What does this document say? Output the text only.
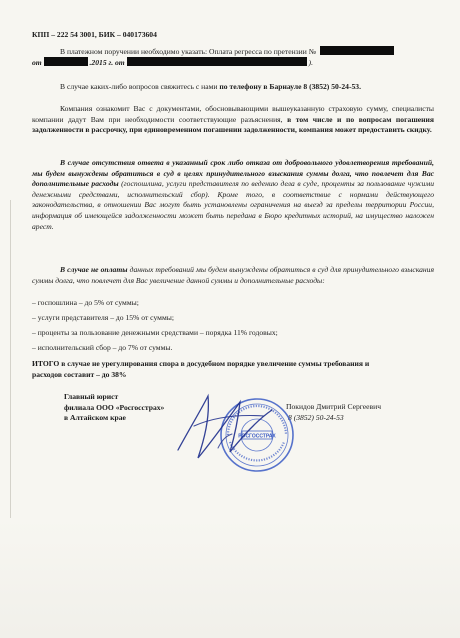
КПП – 222 54 3001, БИК – 040173604
В платежном поручении необходимо указать: Оплата регресса по претензии №
от	.2015 г. от	).
В случае каких-либо вопросов свяжитесь с нами по телефону в Барнауле 8 (3852) 50-24-53.
Компания ознакомит Вас с документами, обосновывающими вышеуказанную страховую сумму, специалисты компании дадут Вам при необходимости соответствующие разъяснения, в том числе и по вопросам погашения задолженности в рассрочку, при единовременном погашении задолженности, компания может предоставить скидку.
В случае отсутствия ответа в указанный срок либо отказа от добровольного удовлетворения требований, мы будем вынуждены обратиться в суд в целях принудительного взыскания суммы долга, что повлечет для Вас дополнительные расходы (госпошлина, услуги представителя по ведению дела в суде, проценты за пользование чужими денежными средствами, исполнительский сбор). Кроме того, в соответствие с нормами действующего законодательства, в отношении Вас могут быть установлены ограничения на выезд за пределы территории России, информация об имеющейся задолженности может быть передана в Бюро кредитных историй, на имущество наложен арест.
В случае не оплаты данных требований мы будем вынуждены обратиться в суд для принудительного взыскания суммы долга, что повлечет для Вас увеличение данной суммы и дополнительные расходы:
– госпошлина – до 5% от суммы;
– услуги представителя – до 15% от суммы;
– проценты за пользование денежными средствами – порядка 11% годовых;
– исполнительский сбор – до 7% от суммы.
ИТОГО в случае не урегулирования спора в досудебном порядке увеличение суммы требования и расходов составит – до 38%
Главный юрист
филиала ООО «Росгосстрах»
в Алтайском крае
Покидов Дмитрий Сергеевич
8 (3852) 50-24-53
РОСГОССТРАХ
